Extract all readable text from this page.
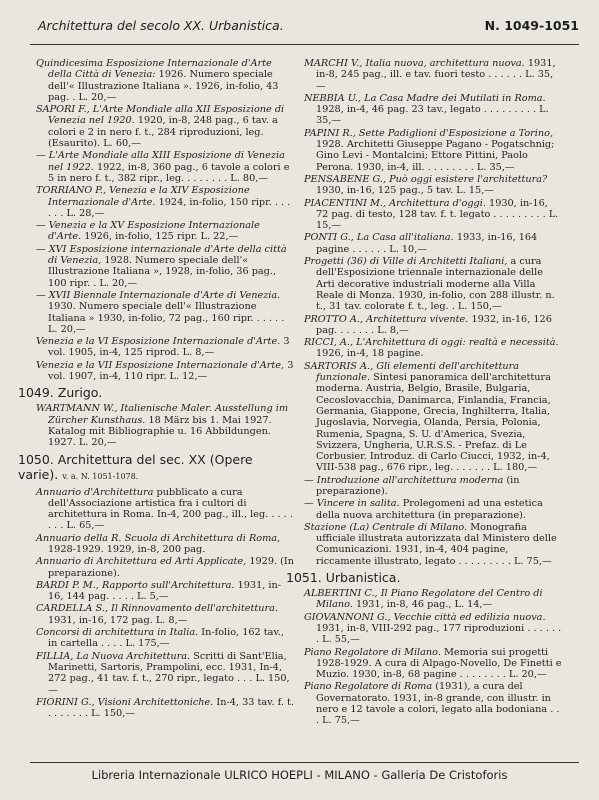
Architettura del secolo XX. Urbanistica.	N. 1049-1051
Quindicesima Esposizione Internazionale d'Arte della Città di Venezia: 1926. Numero speciale dell'« Illustrazione Italiana ». 1926, in-folio, 43 pag. . L. 20,—
SAPORI F., L'Arte Mondiale alla XII Esposizione di Venezia nel 1920. 1920, in-8, 248 pag., 6 tav. a colori e 2 in nero f. t., 284 riproduzioni, leg. (Esaurito). L. 60,—
— L'Arte Mondiale alla XIII Esposizione di Venezia nel 1922. 1922, in-8, 360 pag., 6 tavole a colori e 5 in nero f. t., 382 ripr., leg. . . . . . . . L. 80,—
TORRIANO P., Venezia e la XIV Esposizione Internazionale d'Arte. 1924, in-folio, 150 ripr. . . . . . . L. 28,—
— Venezia e la XV Esposizione Internazionale d'Arte. 1926, in-folio, 125 ripr. L. 22,—
— XVI Esposizione internazionale d'Arte della città di Venezia, 1928. Numero speciale dell'« Illustrazione Italiana », 1928, in-folio, 36 pag., 100 ripr. . L. 20,—
— XVII Biennale Internazionale d'Arte di Venezia. 1930. Numero speciale dell'« Illustrazione Italiana » 1930, in-folio, 72 pag., 160 ripr. . . . . . L. 20,—
Venezia e la VI Esposizione Internazionale d'Arte. 3 vol. 1905, in-4, 125 riprod. L. 8,—
Venezia e la VII Esposizione Internazionale d'Arte, 3 vol. 1907, in-4, 110 ripr. L. 12,—
1049. Zurigo.
WARTMANN W., Italienische Maler. Ausstellung im Zürcher Kunsthaus. 18 März bis 1. Mai 1927. Katalog mit Bibliographie u. 16 Abbildungen. 1927. L. 20,—
1050. Architettura del sec. XX (Opere varie). v. a. N. 1051-1078.
Annuario d'Architettura pubblicato a cura dell'Associazione artistica fra i cultori di architettura in Roma. In-4, 200 pag., ill., leg. . . . . . . . L. 65,—
Annuario della R. Scuola di Architettura di Roma, 1928-1929. 1929, in-8, 200 pag.
Annuario di Architettura ed Arti Applicate, 1929. (In preparazione).
BARDI P. M., Rapporto sull'Architettura. 1931, in-16, 144 pag. . . . . L. 5,—
CARDELLA S., Il Rinnovamento dell'architettura. 1931, in-16, 172 pag. L. 8,—
Concorsi di architettura in Italia. In-folio, 162 tav., in cartella . . . . L. 175,—
FILLIA, La Nuova Architettura. Scritti di Sant'Elia, Marinetti, Sartoris, Prampolini, ecc. 1931, In-4, 272 pag., 41 tav. f. t., 270 ripr., legato . . . L. 150,—
FIORINI G., Visioni Architettoniche. In-4, 33 tav. f. t. . . . . . . . L. 150,—
MARCHI V., Italia nuova, architettura nuova. 1931, in-8, 245 pag., ill. e tav. fuori testo . . . . . . L. 35,—
NEBBIA U., La Casa Madre dei Mutilati in Roma. 1928, in-4, 46 pag. 23 tav., legato . . . . . . . . . L. 35,—
PAPINI R., Sette Padiglioni d'Esposizione a Torino, 1928. Architetti Giuseppe Pagano - Pogatschnig; Gino Levi - Montalcini; Ettore Pittini, Paolo Perona. 1930, in-4, ill. . . . . . . . . L. 35,—
PENSABENE G., Può oggi esistere l'architettura? 1930, in-16, 125 pag., 5 tav. L. 15,—
PIACENTINI M., Architettura d'oggi. 1930, in-16, 72 pag. di testo, 128 tav. f. t. legato . . . . . . . . . L. 15,—
PONTI G., La Casa all'italiana. 1933, in-16, 164 pagine . . . . . . L. 10,—
Progetti (36) di Ville di Architetti Italiani, a cura dell'Esposizione triennale internazionale delle Arti decorative industriali moderne alla Villa Reale di Monza. 1930, in-folio, con 288 illustr. n. t., 31 tav. colorate f. t., leg. . L. 150,—
PROTTO A., Architettura vivente. 1932, in-16, 126 pag. . . . . . . L. 8,—
RICCI, A., L'Architettura di oggi: realtà e necessità. 1926, in-4, 18 pagine.
SARTORIS A., Gli elementi dell'architettura funzionale. Sintesi panoramica dell'architettura moderna. Austria, Belgio, Brasile, Bulgaria, Cecoslovacchia, Danimarca, Finlandia, Francia, Germania, Giappone, Grecia, Inghilterra, Italia, Jugoslavia, Norvegia, Olanda, Persia, Polonia, Rumenia, Spagna, S. U. d'America, Svezia, Svizzera, Ungheria, U.R.S.S. - Prefaz. di Le Corbusier. Introduz. di Carlo Ciucci, 1932, in-4, VIII-538 pag., 676 ripr., leg. . . . . . . L. 180,—
— Introduzione all'architettura moderna (in preparazione).
— Vincere in salita. Prolegomeni ad una estetica della nuova architettura (in preparazione).
Stazione (La) Centrale di Milano. Monografia ufficiale illustrata autorizzata dal Ministero delle Comunicazioni. 1931, in-4, 404 pagine, riccamente illustrato, legato . . . . . . . . . L. 75,—
1051. Urbanistica.
ALBERTINI C., Il Piano Regolatore del Centro di Milano. 1931, in-8, 46 pag., L. 14,—
GIOVANNONI G., Vecchie città ed edilizia nuova. 1931, in-8, VIII-292 pag., 177 riproduzioni . . . . . . . L. 55,—
Piano Regolatore di Milano. Memoria sui progetti 1928-1929. A cura di Alpago-Novello, De Finetti e Muzio. 1930, in-8, 68 pagine . . . . . . . . L. 20,—
Piano Regolatore di Roma (1931), a cura del Governatorato. 1931, in-8 grande, con illustr. in nero e 12 tavole a colori, legato alla bodoniana . . . L. 75,—
Libreria Internazionale ULRICO HOEPLI - MILANO - Galleria De Cristoforis
